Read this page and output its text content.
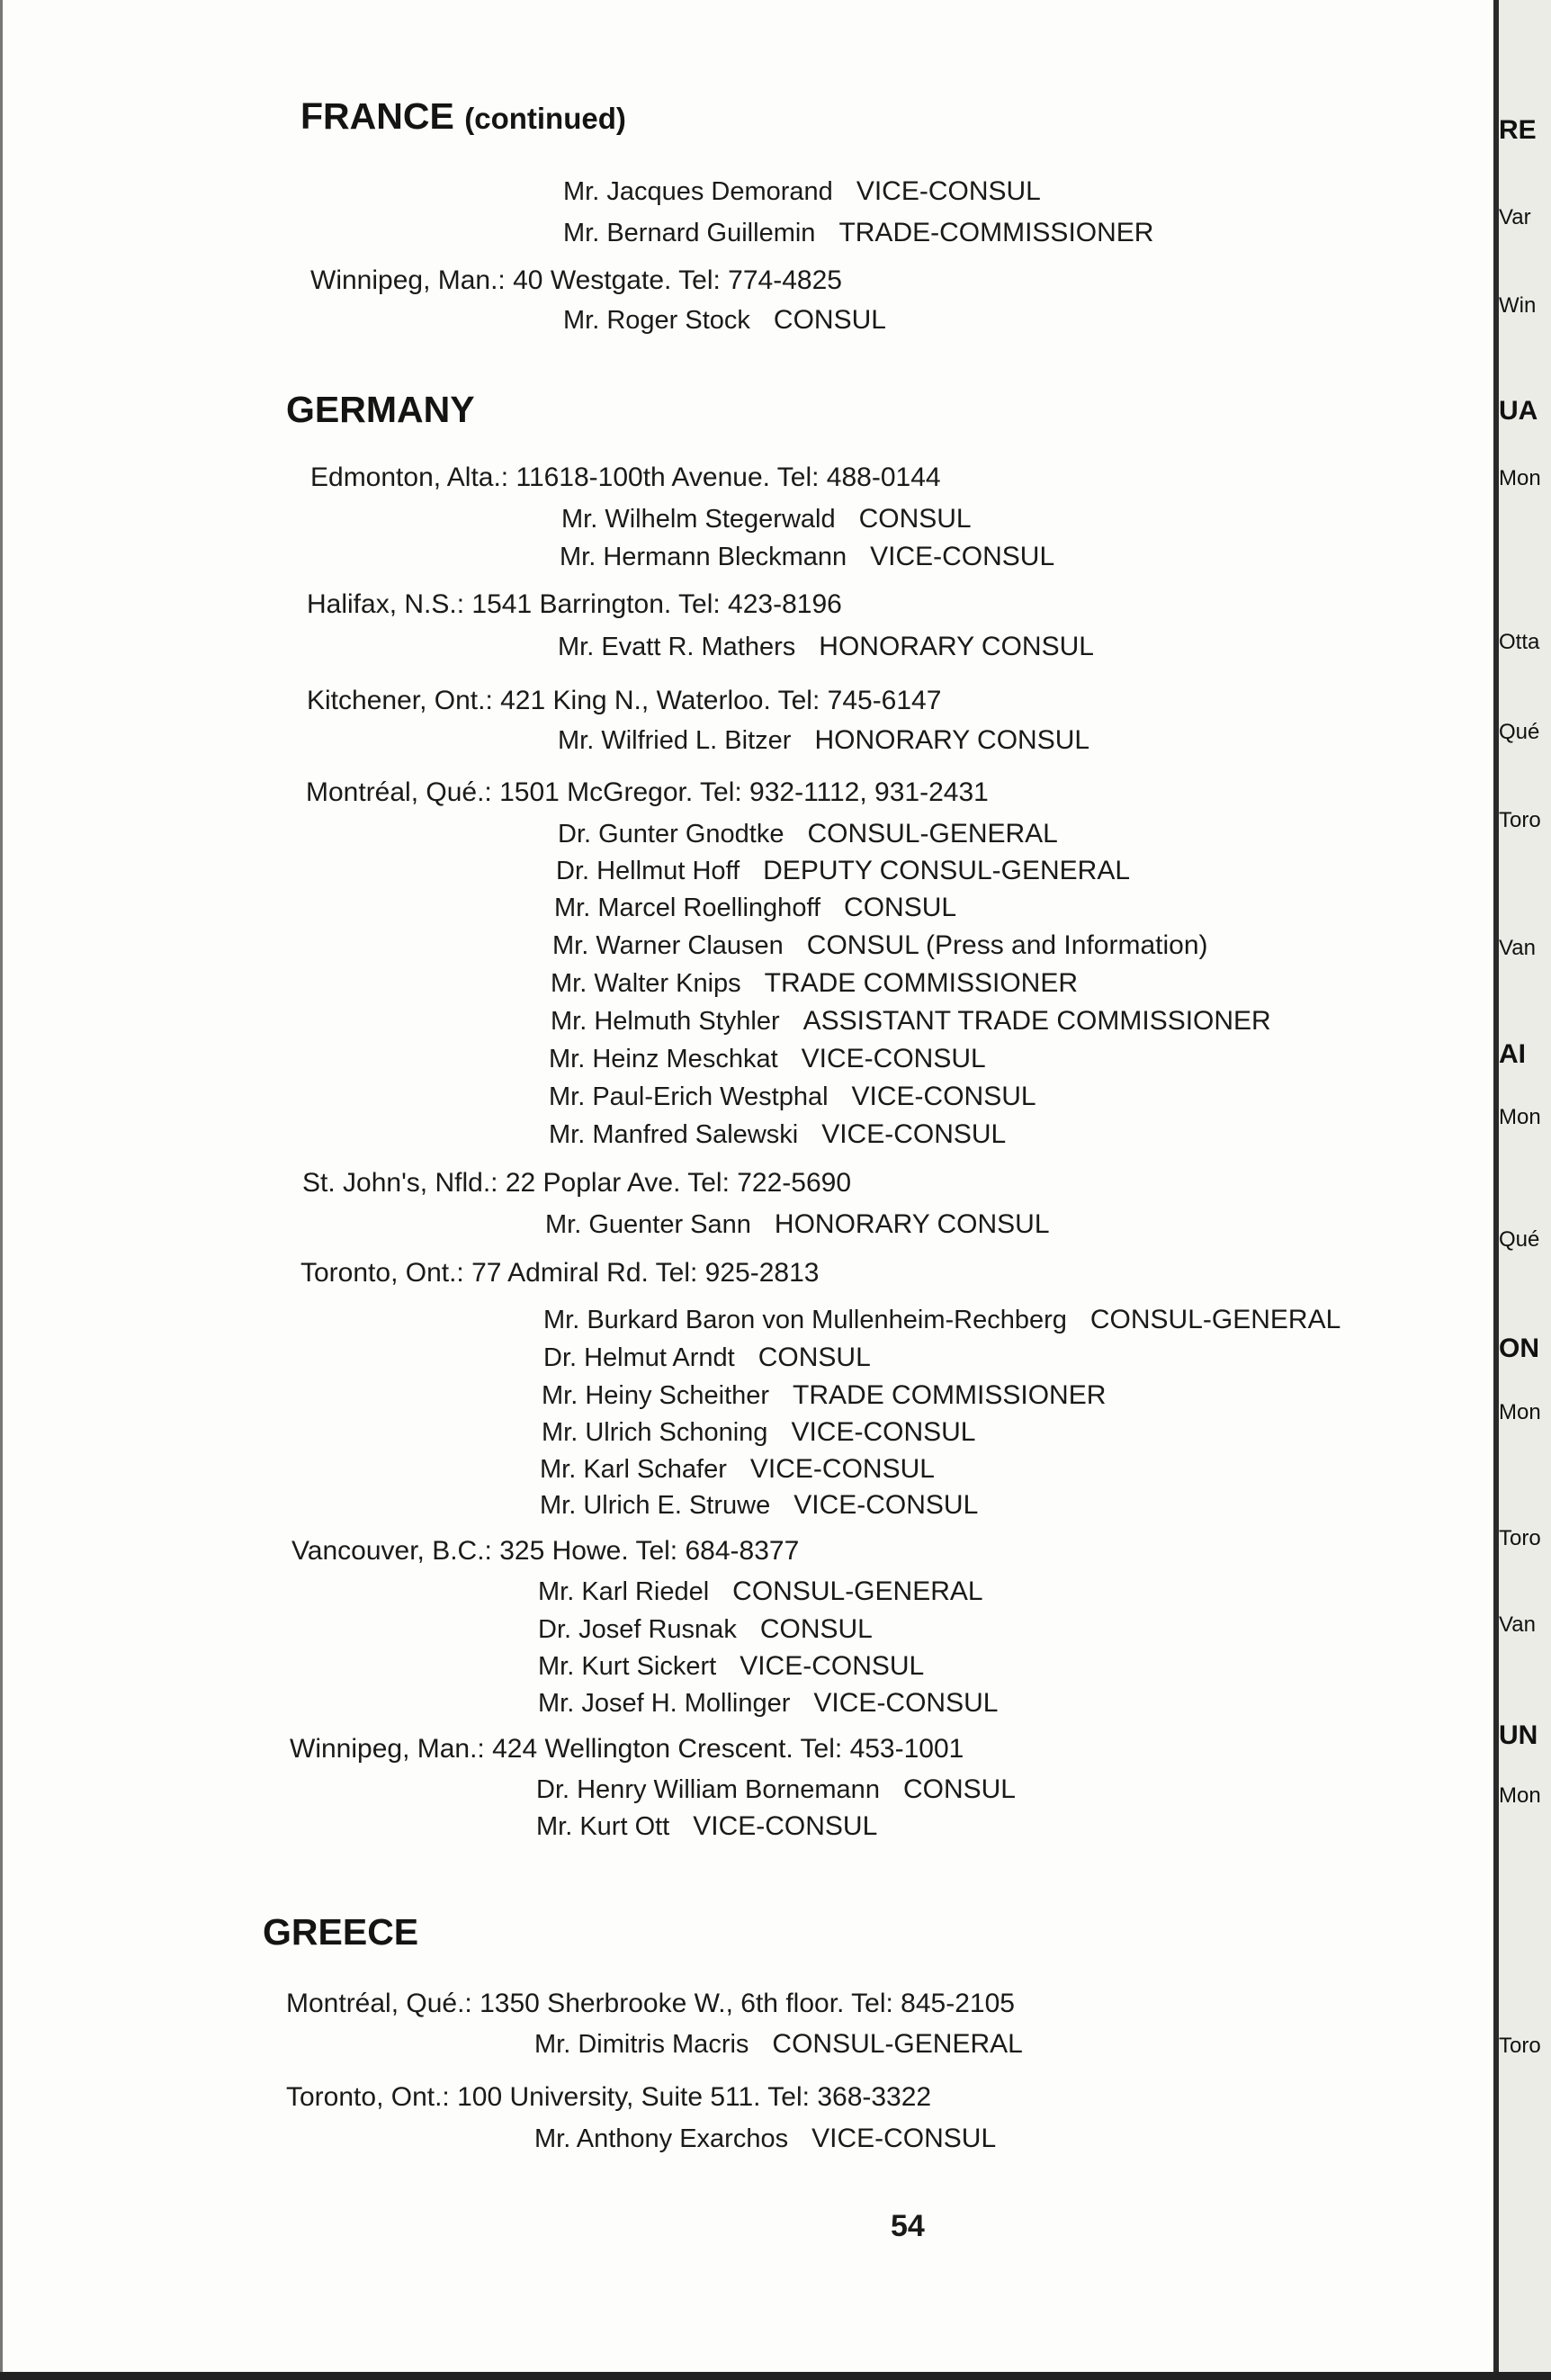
FRANCE (continued)
Mr. Jacques Demorand VICE-CONSUL
Mr. Bernard Guillemin TRADE-COMMISSIONER
Winnipeg, Man.: 40 Westgate. Tel: 774-4825
Mr. Roger Stock CONSUL
GERMANY
Edmonton, Alta.: 11618-100th Avenue. Tel: 488-0144
Mr. Wilhelm Stegerwald CONSUL
Mr. Hermann Bleckmann VICE-CONSUL
Halifax, N.S.: 1541 Barrington. Tel: 423-8196
Mr. Evatt R. Mathers HONORARY CONSUL
Kitchener, Ont.: 421 King N., Waterloo. Tel: 745-6147
Mr. Wilfried L. Bitzer HONORARY CONSUL
Montréal, Qué.: 1501 McGregor. Tel: 932-1112, 931-2431
Dr. Gunter Gnodtke CONSUL-GENERAL
Dr. Hellmut Hoff DEPUTY CONSUL-GENERAL
Mr. Marcel Roellinghoff CONSUL
Mr. Warner Clausen CONSUL (Press and Information)
Mr. Walter Knips TRADE COMMISSIONER
Mr. Helmuth Styhler ASSISTANT TRADE COMMISSIONER
Mr. Heinz Meschkat VICE-CONSUL
Mr. Paul-Erich Westphal VICE-CONSUL
Mr. Manfred Salewski VICE-CONSUL
St. John's, Nfld.: 22 Poplar Ave. Tel: 722-5690
Mr. Guenter Sann HONORARY CONSUL
Toronto, Ont.: 77 Admiral Rd. Tel: 925-2813
Mr. Burkard Baron von Mullenheim-Rechberg CONSUL-GENERAL
Dr. Helmut Arndt CONSUL
Mr. Heiny Scheither TRADE COMMISSIONER
Mr. Ulrich Schoning VICE-CONSUL
Mr. Karl Schafer VICE-CONSUL
Mr. Ulrich E. Struwe VICE-CONSUL
Vancouver, B.C.: 325 Howe. Tel: 684-8377
Mr. Karl Riedel CONSUL-GENERAL
Dr. Josef Rusnak CONSUL
Mr. Kurt Sickert VICE-CONSUL
Mr. Josef H. Mollinger VICE-CONSUL
Winnipeg, Man.: 424 Wellington Crescent. Tel: 453-1001
Dr. Henry William Bornemann CONSUL
Mr. Kurt Ott VICE-CONSUL
GREECE
Montréal, Qué.: 1350 Sherbrooke W., 6th floor. Tel: 845-2105
Mr. Dimitris Macris CONSUL-GENERAL
Toronto, Ont.: 100 University, Suite 511. Tel: 368-3322
Mr. Anthony Exarchos VICE-CONSUL
54
RE
Var
Win
UA
Mon
Otta
Qué
Toro
Van
AI
Mon
Qué
ON
Mon
Toro
Van
UN
Mon
Toro
